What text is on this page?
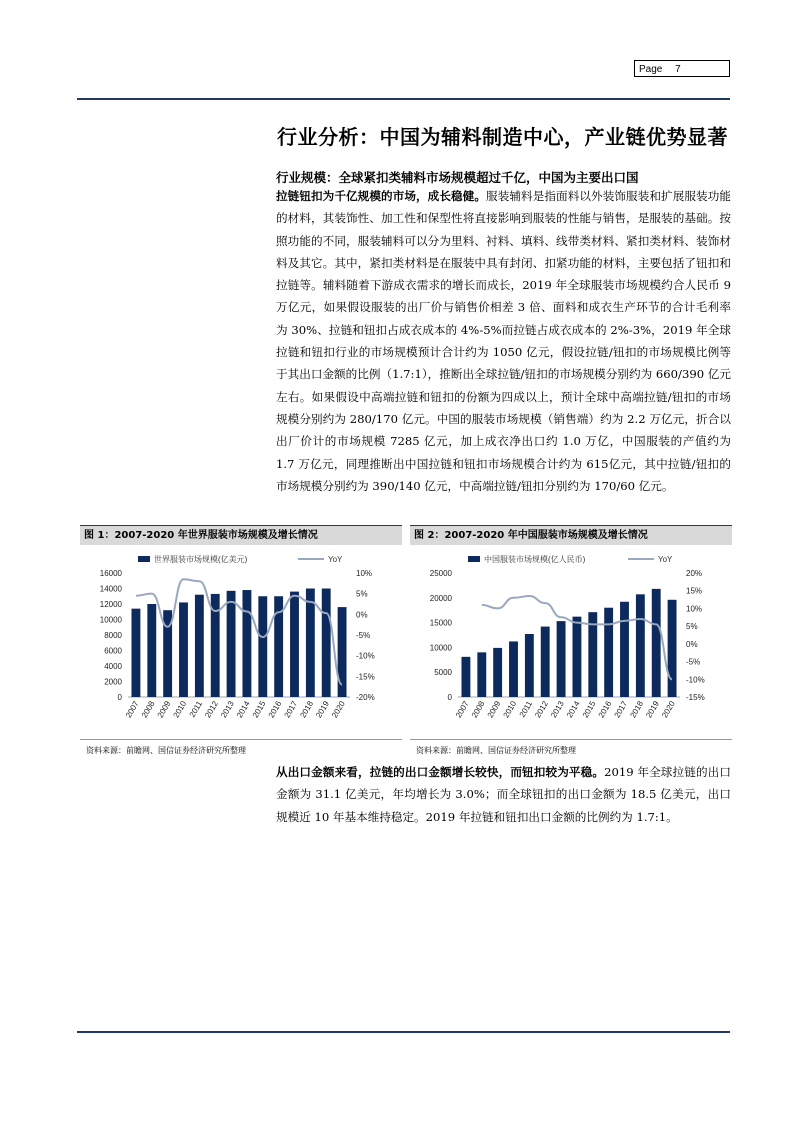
Page 7
行业分析：中国为辅料制造中心，产业链优势显著
行业规模：全球紧扣类辅料市场规模超过千亿，中国为主要出口国
拉链钮扣为千亿规模的市场，成长稳健。服装辅料是指面料以外装饰服装和扩展服装功能的材料，其装饰性、加工性和保型性将直接影响到服装的性能与销售，是服装的基础。按照功能的不同，服装辅料可以分为里料、衬料、填料、线带类材料、紧扣类材料、装饰材料及其它。其中，紧扣类材料是在服装中具有封闭、扣紧功能的材料，主要包括了钮扣和拉链等。辅料随着下游成衣需求的增长而成长，2019 年全球服装市场规模约合人民币 9 万亿元，如果假设服装的出厂价与销售价相差 3 倍、面料和成衣生产环节的合计毛利率为 30%、拉链和钮扣占成衣成本的 4%-5%而拉链占成衣成本的 2%-3%，2019 年全球拉链和钮扣行业的市场规模预计合计约为 1050 亿元，假设拉链/钮扣的市场规模比例等于其出口金额的比例（1.7:1），推断出全球拉链/钮扣的市场规模分别约为 660/390 亿元左右。如果假设中高端拉链和钮扣的份额为四成以上，预计全球中高端拉链/钮扣的市场规模分别约为 280/170 亿元。中国的服装市场规模（销售端）约为 2.2 万亿元，折合以出厂价计的市场规模 7285 亿元，加上成衣净出口约 1.0 万亿，中国服装的产值约为 1.7 万亿元，同理推断出中国拉链和钮扣市场规模合计约为 615亿元，其中拉链/钮扣的市场规模分别约为 390/140 亿元，中高端拉链/钮扣分别约为 170/60 亿元。
图 1：2007-2020 年世界服装市场规模及增长情况
世界服装市场规模(亿美元)	YoY
0
2000
4000
6000
8000
10000
12000
14000
16000
-20%
-15%
-10%
-5%
0%
5%
10%
2007 2008 2009 2010 2011 2012 2013 2014 2015 2016 2017 2018 2019 2020
资料来源：前瞻网、国信证券经济研究所整理
图 2：2007-2020 年中国服装市场规模及增长情况
中国服装市场规模(亿人民币)	YoY
0
5000
10000
15000
20000
25000
-15%
-10%
-5%
0%
5%
10%
15%
20%
2007 2008 2009 2010 2011 2012 2013 2014 2015 2016 2017 2018 2019 2020
资料来源：前瞻网、国信证券经济研究所整理
从出口金额来看，拉链的出口金额增长较快，而钮扣较为平稳。2019 年全球拉链的出口金额为 31.1 亿美元，年均增长为 3.0%；而全球钮扣的出口金额为 18.5 亿美元，出口规模近 10 年基本维持稳定。2019 年拉链和钮扣出口金额的比例约为 1.7:1。
